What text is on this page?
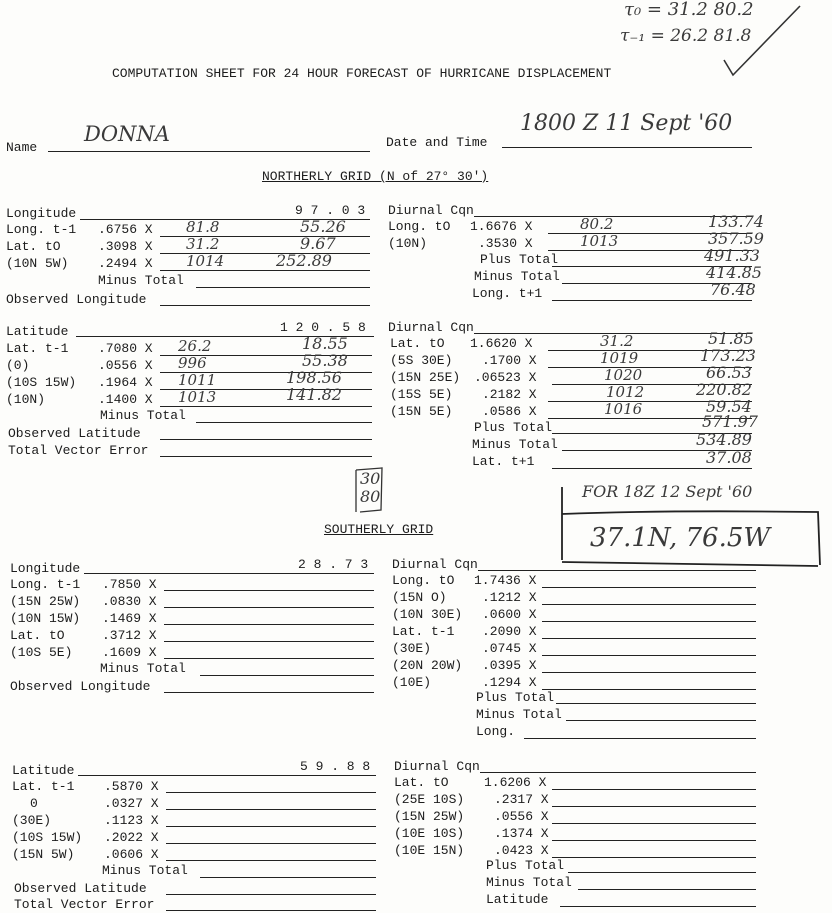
τ₀ = 31.2 80.2
τ₋₁ = 26.2 81.8
COMPUTATION SHEET FOR 24 HOUR FORECAST OF HURRICANE DISPLACEMENT
Name
DONNA	Date and Time
1800 Z 11 Sept '60
NORTHERLY GRID (N of 27° 30')
Longitude	9 7 . 0 3
Long. t-1 .6756 X 81.8	55.26
Lat. tO	.3098 X 31.2	9.67
(10N 5W) .2494 X 1014	252.89
Minus Total
Observed Longitude
Diurnal Cqn
Long. tO 1.6676 X	80.2	133.74
(10N)	.3530 X	1013	357.59
Plus Total	491.33
Minus Total	414.85
Long. t+1	76.48
Latitude	1 2 0 . 5 8
Lat. t-1 .7080 X 26.2	18.55
(0)	.0556 X 996	55.38
(10S 15W) .1964 X 1011	198.56
(10N)	.1400 X 1013	141.82
Minus Total
Observed Latitude
Total Vector Error
Diurnal Cqn
Lat. tO 1.6620 X	31.2	51.85
(5S 30E) .1700 X	1019	173.23
(15N 25E) .06523 X	1020	66.53
(15S 5E) .2182 X	1012	220.82
(15N 5E) .0586 X	1016	59.54
Plus Total	571.97
Minus Total	534.89
Lat. t+1	37.08
30
80	FOR 18Z 12 Sept '60
37.1N, 76.5W
SOUTHERLY GRID
Longitude	2 8 . 7 3
Long. t-1 .7850 X
(15N 25W) .0830 X
(10N 15W) .1469 X
Lat. tO	.3712 X
(10S 5E) .1609 X
Minus Total
Observed Longitude
Diurnal Cqn
Long. tO 1.7436 X
(15N O)	.1212 X
(10N 30E) .0600 X
Lat. t-1 .2090 X
(30E)	.0745 X
(20N 20W) .0395 X
(10E)	.1294 X
Plus Total
Minus Total
Long.
Latitude	5 9 . 8 8
Lat. t-1 .5870 X
0	.0327 X
(30E)	.1123 X
(10S 15W) .2022 X
(15N 5W) .0606 X
Minus Total
Observed Latitude
Total Vector Error
Diurnal Cqn
Lat. tO	1.6206 X
(25E 10S) .2317 X
(15N 25W) .0556 X
(10E 10S) .1374 X
(10E 15N) .0423 X
Plus Total
Minus Total
Latitude
